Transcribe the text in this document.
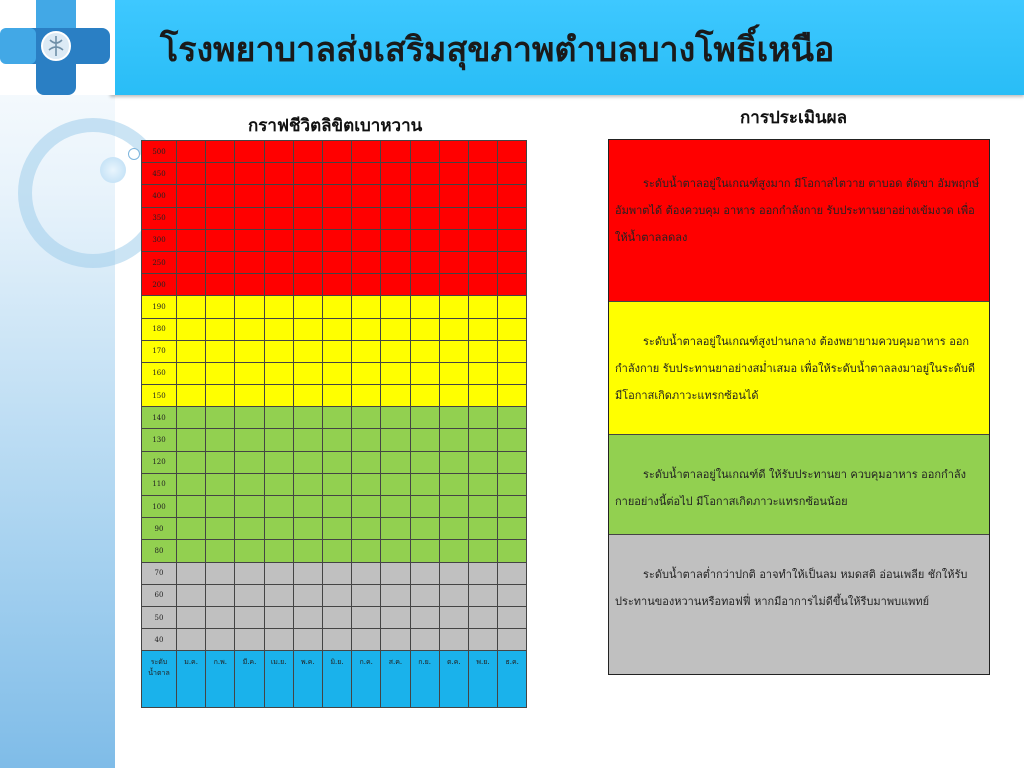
โรงพยาบาลส่งเสริมสุขภาพตำบลบางโพธิ์เหนือ
กราฟชีวิตลิขิตเบาหวาน	การประเมินผล
500												
450												
400												
350												
300												
250												
200												
190												
180												
170												
160												
150												
140												
130												
120												
110												
100												
90												
80												
70												
60												
50												
40												
ระดับ น้ำตาล	ม.ค.	ก.พ.	มี.ค.	เม.ย.	พ.ค.	มิ.ย.	ก.ค.	ส.ค.	ก.ย.	ต.ค.	พ.ย.	ธ.ค.
ระดับน้ำตาลอยู่ในเกณฑ์สูงมาก มีโอกาสไตวาย ตาบอด ตัดขา อัมพฤกษ์ อัมพาตได้ ต้องควบคุม อาหาร ออกกำลังกาย รับประทานยาอย่างเข้มงวด เพื่อให้น้ำตาลลดลง
ระดับน้ำตาลอยู่ในเกณฑ์สูงปานกลาง ต้องพยายามควบคุมอาหาร ออกกำลังกาย รับประทานยาอย่างสม่ำเสมอ เพื่อให้ระดับน้ำตาลลงมาอยู่ในระดับดี มีโอกาสเกิดภาวะแทรกซ้อนได้
ระดับน้ำตาลอยู่ในเกณฑ์ดี ให้รับประทานยา ควบคุมอาหาร ออกกำลังกายอย่างนี้ต่อไป มีโอกาสเกิดภาวะแทรกซ้อนน้อย
ระดับน้ำตาลต่ำกว่าปกติ อาจทำให้เป็นลม หมดสติ อ่อนเพลีย ชักให้รับประทานของหวานหรือทอฟฟี่ หากมีอาการไม่ดีขึ้นให้รีบมาพบแพทย์
